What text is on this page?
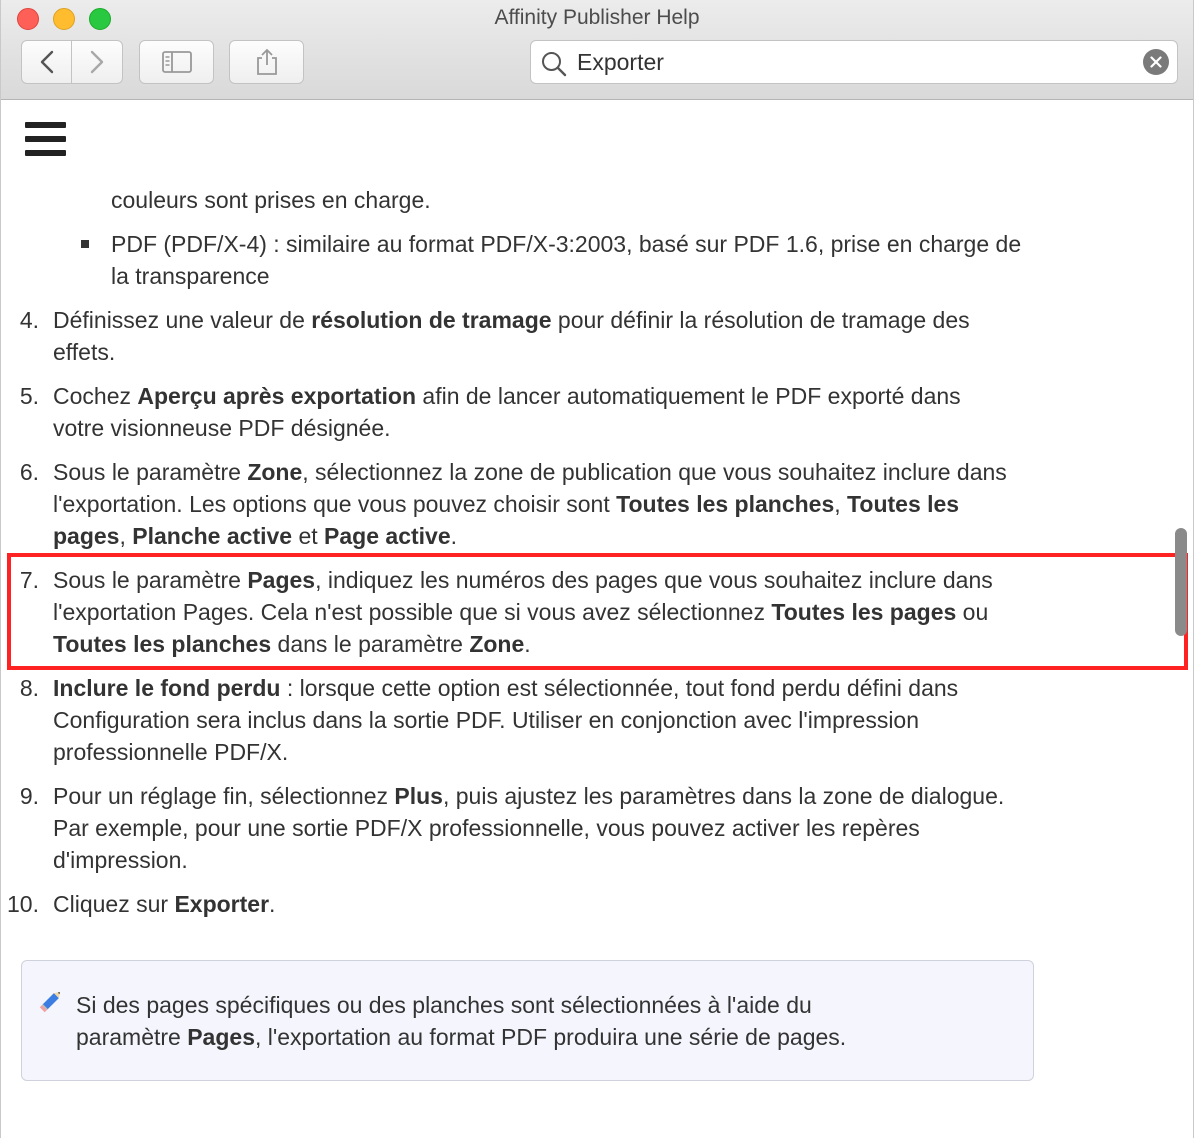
Affinity Publisher Help
Exporter

couleurs sont prises en charge.

PDF (PDF/X-4) : similaire au format PDF/X-3:2003, basé sur PDF 1.6, prise en charge de
la transparence

4. Définissez une valeur de résolution de tramage pour définir la résolution de tramage des
effets.

5. Cochez Aperçu après exportation afin de lancer automatiquement le PDF exporté dans
votre visionneuse PDF désignée.

6. Sous le paramètre Zone, sélectionnez la zone de publication que vous souhaitez inclure dans
l'exportation. Les options que vous pouvez choisir sont Toutes les planches, Toutes les
pages, Planche active et Page active.

7. Sous le paramètre Pages, indiquez les numéros des pages que vous souhaitez inclure dans
l'exportation Pages. Cela n'est possible que si vous avez sélectionnez Toutes les pages ou
Toutes les planches dans le paramètre Zone.

8. Inclure le fond perdu : lorsque cette option est sélectionnée, tout fond perdu défini dans
Configuration sera inclus dans la sortie PDF. Utiliser en conjonction avec l'impression
professionnelle PDF/X.

9. Pour un réglage fin, sélectionnez Plus, puis ajustez les paramètres dans la zone de dialogue.
Par exemple, pour une sortie PDF/X professionnelle, vous pouvez activer les repères
d'impression.

10. Cliquez sur Exporter.

Si des pages spécifiques ou des planches sont sélectionnées à l'aide du
paramètre Pages, l'exportation au format PDF produira une série de pages.
